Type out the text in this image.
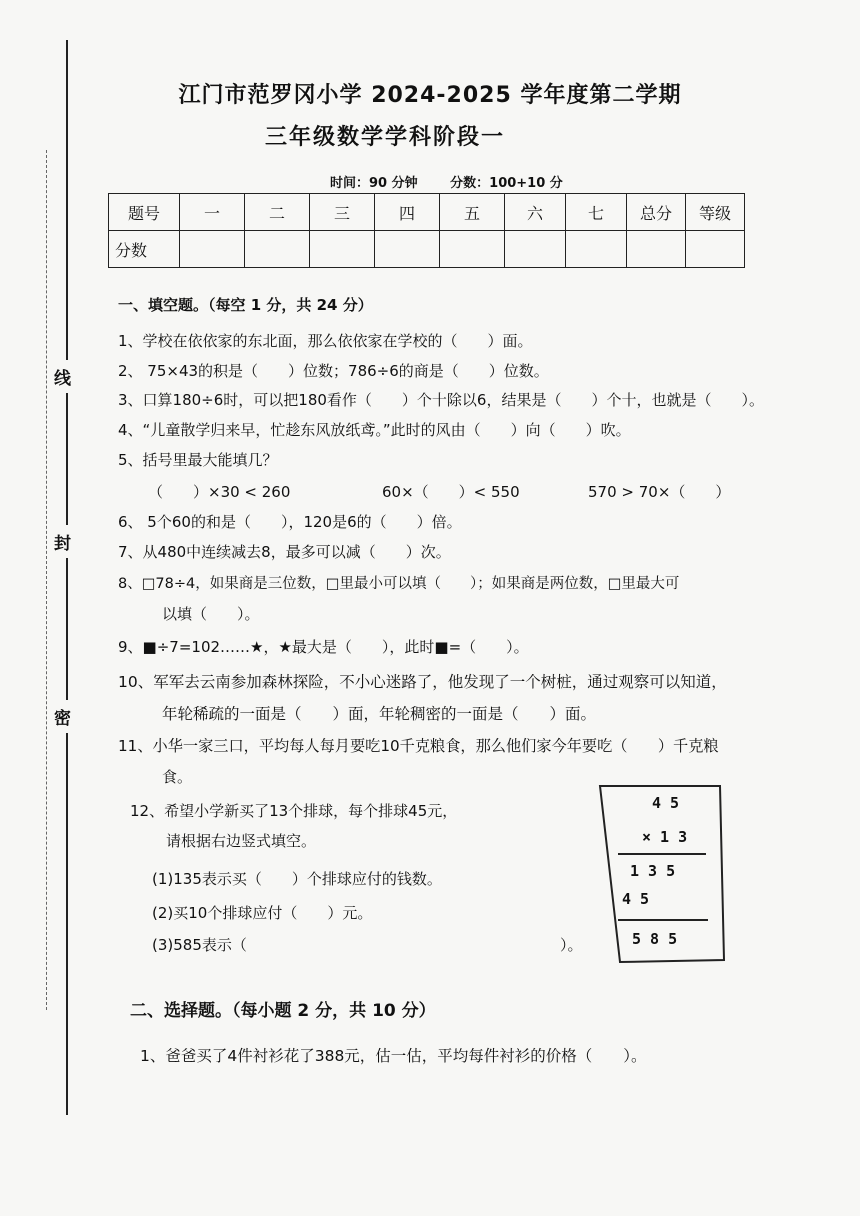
线
封
密
江门市范罗冈小学 2024-2025 学年度第二学期
三年级数学学科阶段一
时间：90 分钟	分数：100+10 分
题号	一	二	三	四	五	六	七	总分	等级
分数									
一、填空题。（每空 1 分，共 24 分）
1、学校在依依家的东北面，那么依依家在学校的（　　）面。
2、 75×43的积是（　　）位数；786÷6的商是（　　）位数。
3、口算180÷6时，可以把180看作（　　）个十除以6，结果是（　　）个十，也就是（　　）。
4、“儿童散学归来早，忙趁东风放纸鸢。”此时的风由（　　）向（　　）吹。
5、括号里最大能填几？
（　　）×30 < 260	60×（　　）< 550	570 > 70×（　　）
6、 5个60的和是（　　），120是6的（　　）倍。
7、从480中连续减去8，最多可以减（　　）次。
8、□78÷4，如果商是三位数，□里最小可以填（　　）；如果商是两位数，□里最大可
以填（　　）。
9、■÷7=102……★，★最大是（　　），此时■=（　　）。
10、军军去云南参加森林探险，不小心迷路了，他发现了一个树桩，通过观察可以知道，
年轮稀疏的一面是（　　）面，年轮稠密的一面是（　　）面。
11、小华一家三口，平均每人每月要吃10千克粮食，那么他们家今年要吃（　　）千克粮
食。
12、希望小学新买了13个排球，每个排球45元，
请根据右边竖式填空。
(1)135表示买（　　）个排球应付的钱数。
(2)买10个排球应付（　　）元。
(3)585表示（	）。
4 5
× 1 3
1 3 5
4 5
5 8 5
二、选择题。（每小题 2 分，共 10 分）
1、爸爸买了4件衬衫花了388元，估一估，平均每件衬衫的价格（　　）。
